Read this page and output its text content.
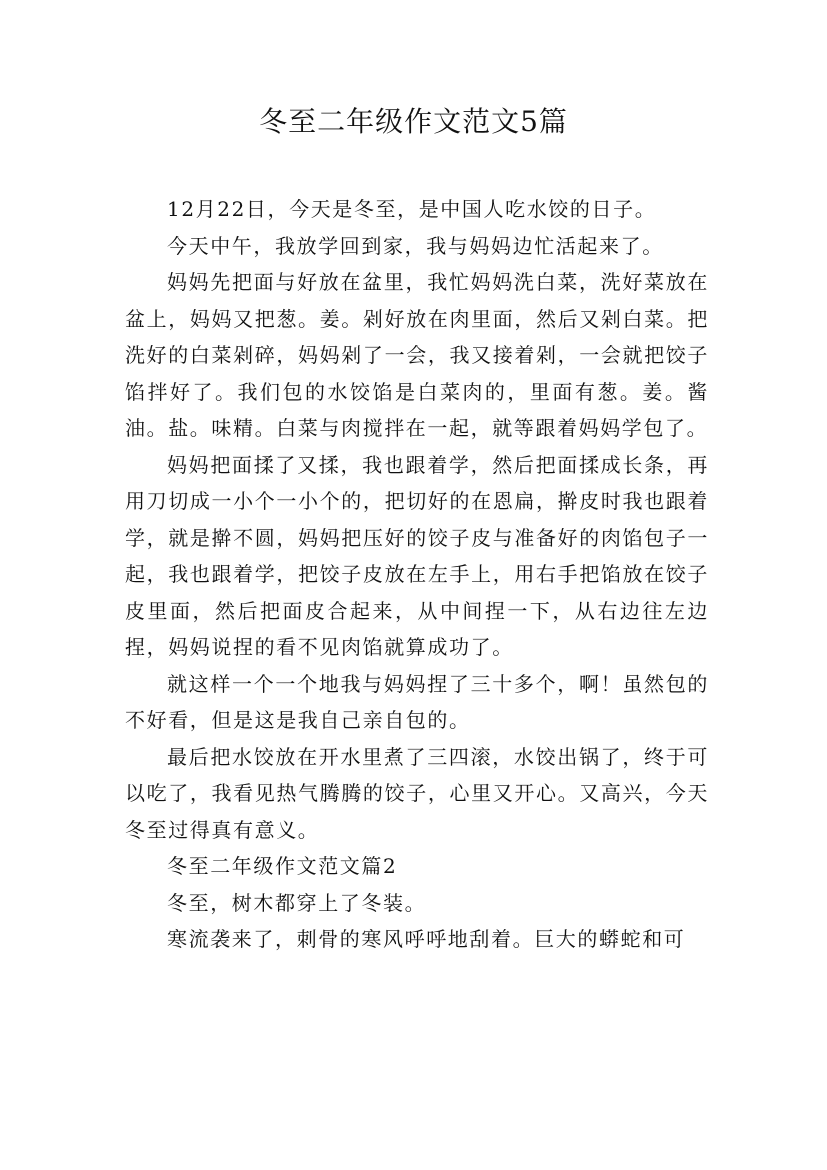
冬至二年级作文范文5篇

12月22日，今天是冬至，是中国人吃水饺的日子。

今天中午，我放学回到家，我与妈妈边忙活起来了。

妈妈先把面与好放在盆里，我忙妈妈洗白菜，洗好菜放在盆上，妈妈又把葱。姜。剁好放在肉里面，然后又剁白菜。把洗好的白菜剁碎，妈妈剁了一会，我又接着剁，一会就把饺子馅拌好了。我们包的水饺馅是白菜肉的，里面有葱。姜。酱油。盐。味精。白菜与肉搅拌在一起，就等跟着妈妈学包了。

妈妈把面揉了又揉，我也跟着学，然后把面揉成长条，再用刀切成一小个一小个的，把切好的在恩扁，擀皮时我也跟着学，就是擀不圆，妈妈把压好的饺子皮与准备好的肉馅包子一起，我也跟着学，把饺子皮放在左手上，用右手把馅放在饺子皮里面，然后把面皮合起来，从中间捏一下，从右边往左边捏，妈妈说捏的看不见肉馅就算成功了。

就这样一个一个地我与妈妈捏了三十多个，啊！虽然包的不好看，但是这是我自己亲自包的。

最后把水饺放在开水里煮了三四滚，水饺出锅了，终于可以吃了，我看见热气腾腾的饺子，心里又开心。又高兴，今天冬至过得真有意义。

冬至二年级作文范文篇2

冬至，树木都穿上了冬装。

寒流袭来了，刺骨的寒风呼呼地刮着。巨大的蟒蛇和可
